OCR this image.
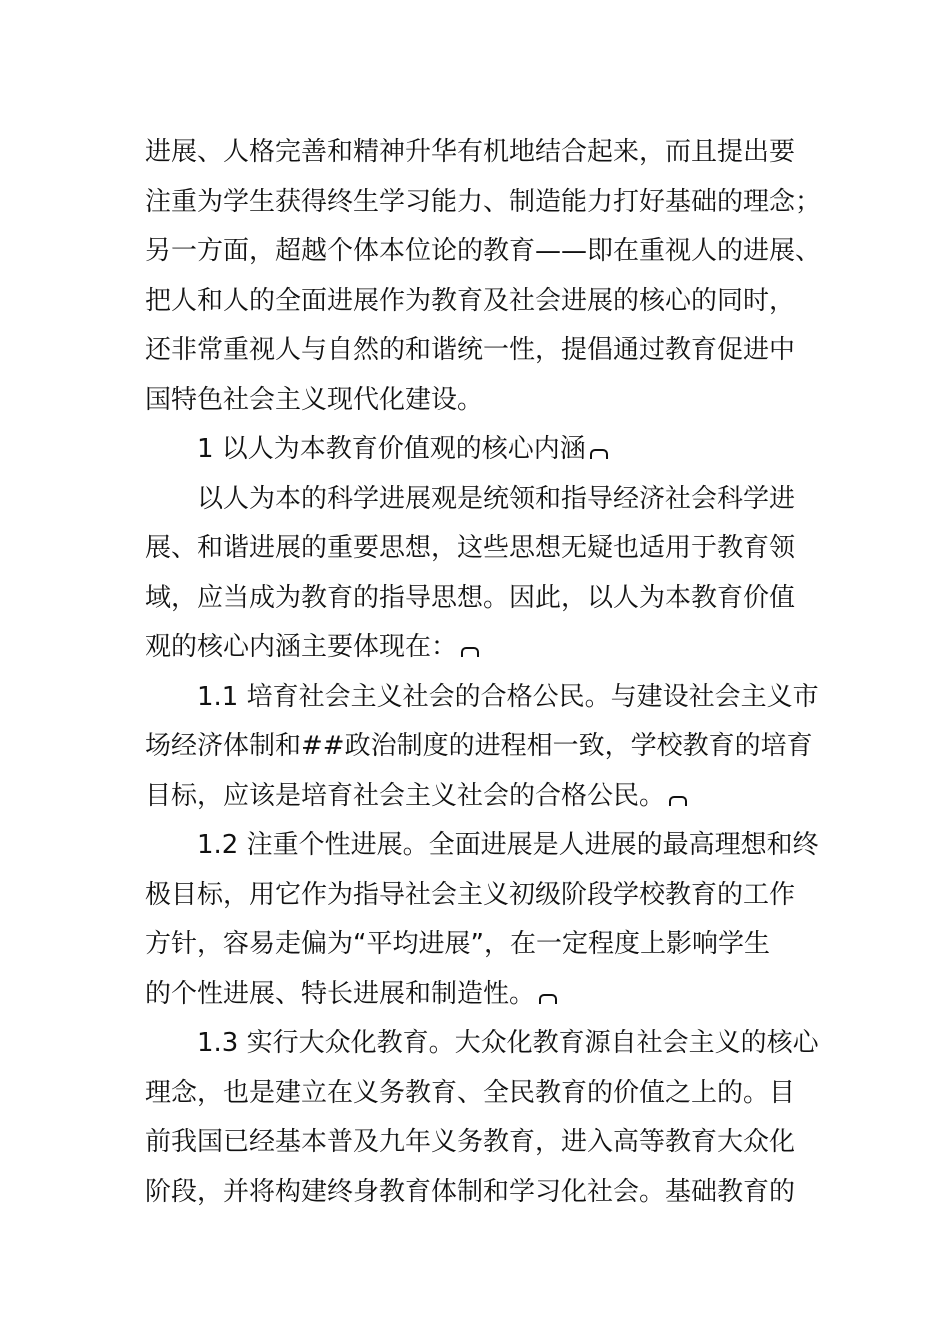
进展、人格完善和精神升华有机地结合起来，而且提出要
注重为学生获得终生学习能力、制造能力打好基础的理念；
另一方面，超越个体本位论的教育——即在重视人的进展、
把人和人的全面进展作为教育及社会进展的核心的同时，
还非常重视人与自然的和谐统一性，提倡通过教育促进中
国特色社会主义现代化建设。
1 以人为本教育价值观的核心内涵
以人为本的科学进展观是统领和指导经济社会科学进
展、和谐进展的重要思想，这些思想无疑也适用于教育领
域，应当成为教育的指导思想。因此，以人为本教育价值
观的核心内涵主要体现在：
1.1 培育社会主义社会的合格公民。与建设社会主义市
场经济体制和##政治制度的进程相一致，学校教育的培育
目标，应该是培育社会主义社会的合格公民。
1.2 注重个性进展。全面进展是人进展的最高理想和终
极目标，用它作为指导社会主义初级阶段学校教育的工作
方针，容易走偏为“平均进展”，在一定程度上影响学生
的个性进展、特长进展和制造性。
1.3 实行大众化教育。大众化教育源自社会主义的核心
理念，也是建立在义务教育、全民教育的价值之上的。目
前我国已经基本普及九年义务教育，进入高等教育大众化
阶段，并将构建终身教育体制和学习化社会。基础教育的
